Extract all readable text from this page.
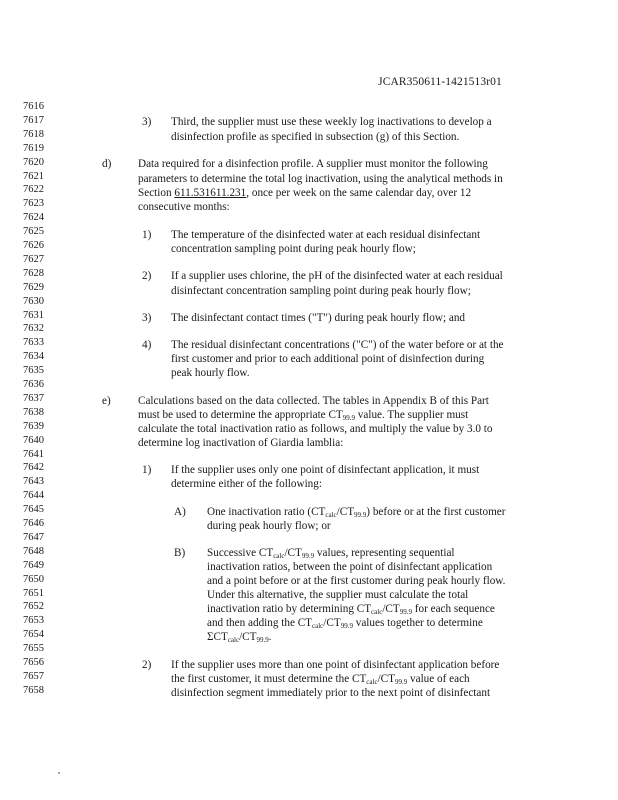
JCAR350611-1421513r01
7616
7617
7618
7619
7620
7621
7622
7623
7624
7625
7626
7627
7628
7629
7630
7631
7632
7633
7634
7635
7636
7637
7638
7639
7640
7641
7642
7643
7644
7645
7646
7647
7648
7649
7650
7651
7652
7653
7654
7655
7656
7657
7658
3) Third, the supplier must use these weekly log inactivations to develop a
disinfection profile as specified in subsection (g) of this Section.
d) Data required for a disinfection profile. A supplier must monitor the following
parameters to determine the total log inactivation, using the analytical methods in
Section 611.531611.231, once per week on the same calendar day, over 12
consecutive months:
1) The temperature of the disinfected water at each residual disinfectant
concentration sampling point during peak hourly flow;
2) If a supplier uses chlorine, the pH of the disinfected water at each residual
disinfectant concentration sampling point during peak hourly flow;
3) The disinfectant contact times ("T") during peak hourly flow; and
4) The residual disinfectant concentrations ("C") of the water before or at the
first customer and prior to each additional point of disinfection during
peak hourly flow.
e) Calculations based on the data collected. The tables in Appendix B of this Part
must be used to determine the appropriate $CT_{99.9}$ value. The supplier must
calculate the total inactivation ratio as follows, and multiply the value by 3.0 to
determine log inactivation of Giardia lamblia:
1) If the supplier uses only one point of disinfectant application, it must
determine either of the following:
A) One inactivation ratio $(CT_{calc}/CT_{99.9})$ before or at the first customer
during peak hourly flow; or
B) Successive $CT_{calc}/CT_{99.9}$ values, representing sequential
inactivation ratios, between the point of disinfectant application
and a point before or at the first customer during peak hourly flow.
Under this alternative, the supplier must calculate the total
inactivation ratio by determining $CT_{calc}/CT_{99.9}$ for each sequence
and then adding the $CT_{calc}/CT_{99.9}$ values together to determine
$\Sigma CT_{calc}/CT_{99.9}$.
2) If the supplier uses more than one point of disinfectant application before
the first customer, it must determine the $CT_{calc}/CT_{99.9}$ value of each
disinfection segment immediately prior to the next point of disinfectant
